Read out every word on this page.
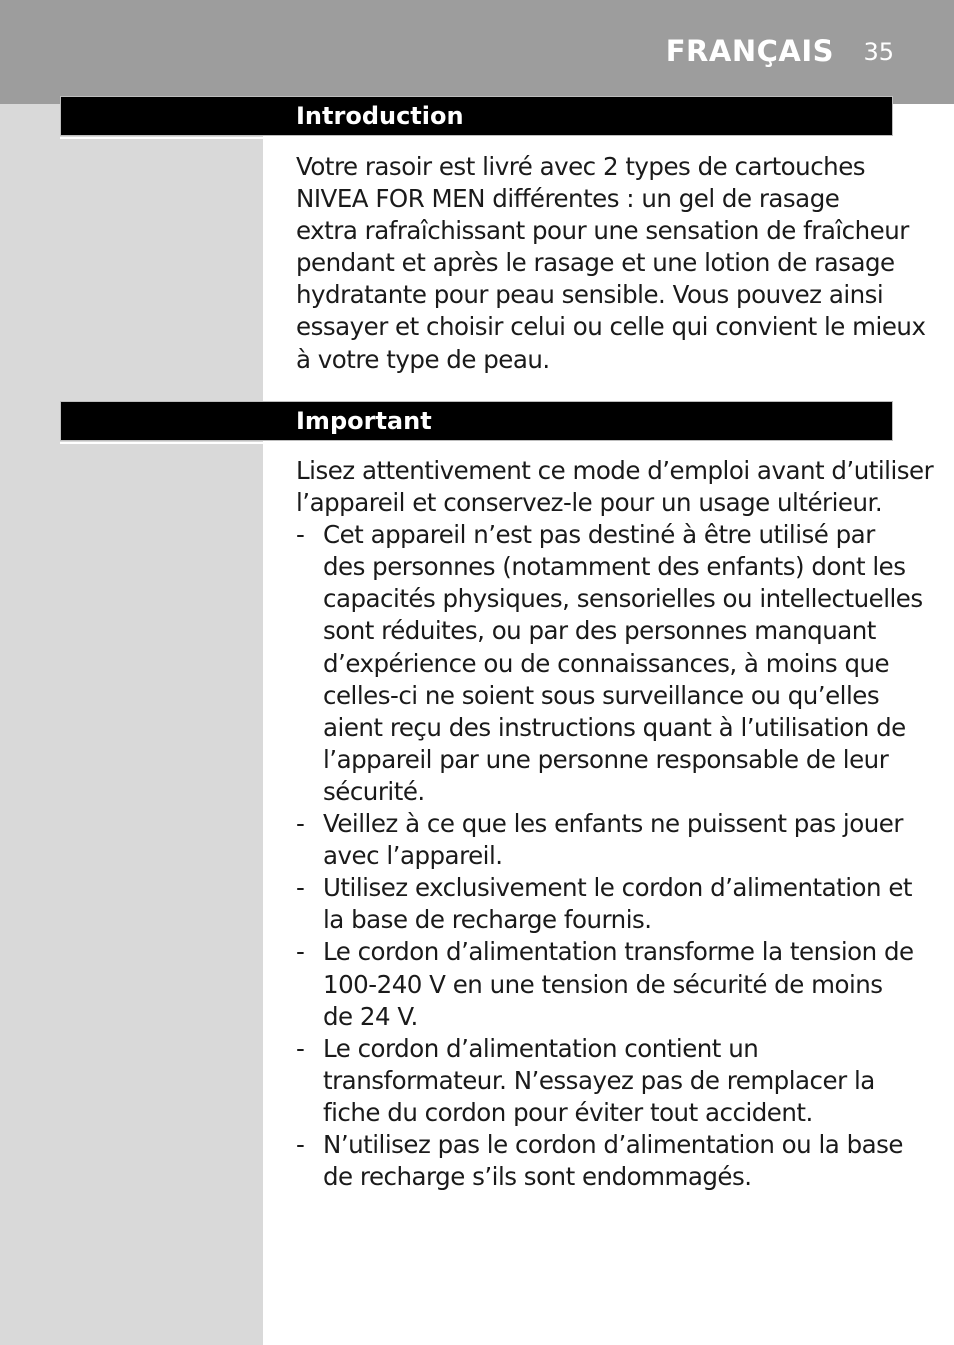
FRANÇAIS 35
Introduction
Votre rasoir est livré avec 2 types de cartouches
NIVEA FOR MEN différentes : un gel de rasage
extra rafraîchissant pour une sensation de fraîcheur
pendant et après le rasage et une lotion de rasage
hydratante pour peau sensible. Vous pouvez ainsi
essayer et choisir celui ou celle qui convient le mieux
à votre type de peau.
Important
Lisez attentivement ce mode d’emploi avant d’utiliser
l’appareil et conservez-le pour un usage ultérieur.
- Cet appareil n’est pas destiné à être utilisé par
des personnes (notamment des enfants) dont les
capacités physiques, sensorielles ou intellectuelles
sont réduites, ou par des personnes manquant
d’expérience ou de connaissances, à moins que
celles-ci ne soient sous surveillance ou qu’elles
aient reçu des instructions quant à l’utilisation de
l’appareil par une personne responsable de leur
sécurité.
- Veillez à ce que les enfants ne puissent pas jouer
avec l’appareil.
- Utilisez exclusivement le cordon d’alimentation et
la base de recharge fournis.
- Le cordon d’alimentation transforme la tension de
100-240 V en une tension de sécurité de moins
de 24 V.
- Le cordon d’alimentation contient un
transformateur. N’essayez pas de remplacer la
fiche du cordon pour éviter tout accident.
- N’utilisez pas le cordon d’alimentation ou la base
de recharge s’ils sont endommagés.
